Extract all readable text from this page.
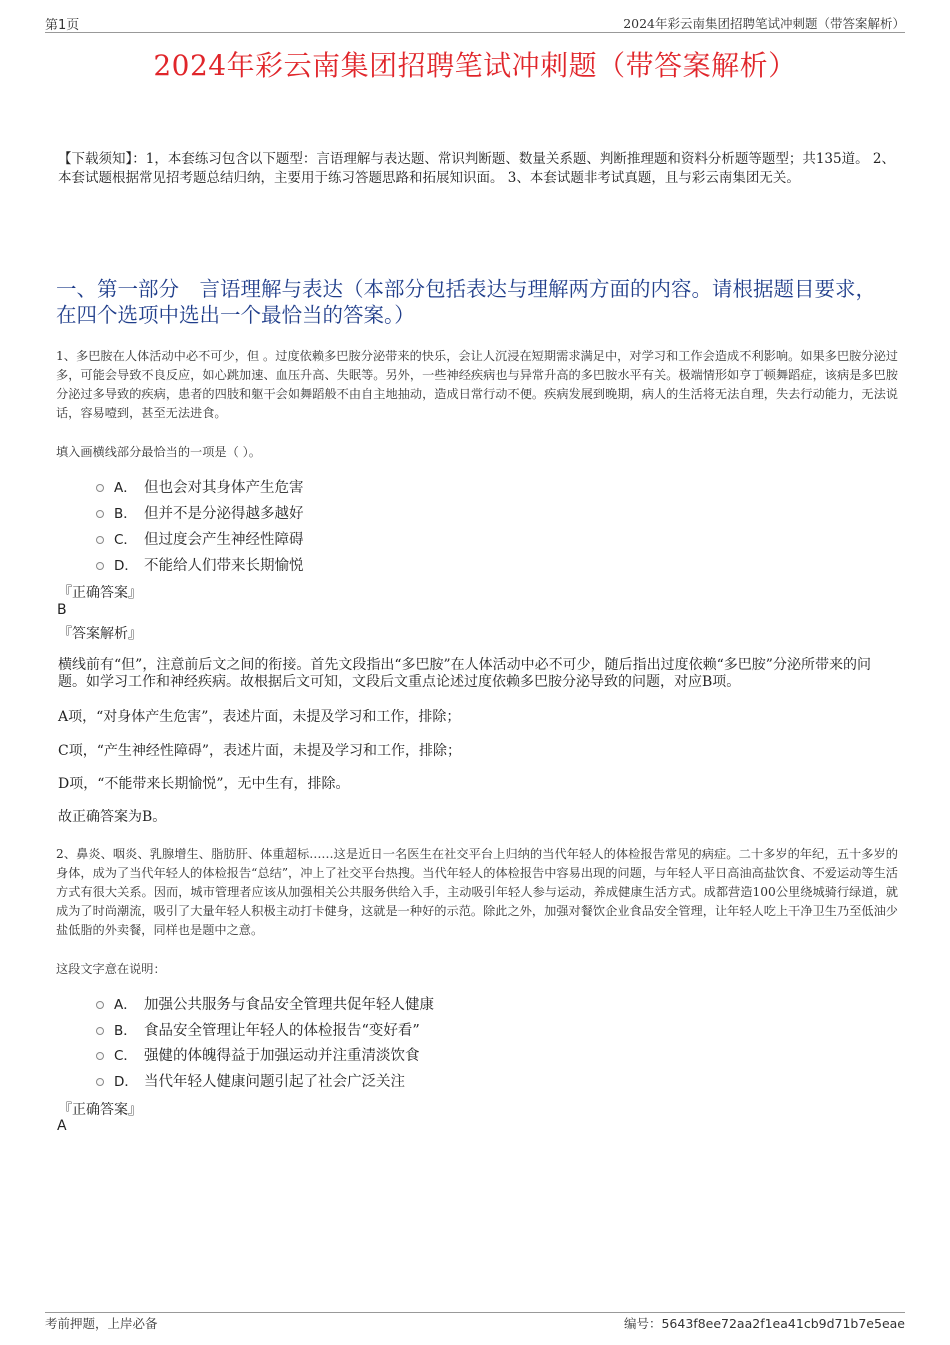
第1页	2024年彩云南集团招聘笔试冲刺题（带答案解析）
2024年彩云南集团招聘笔试冲刺题（带答案解析）
【下载须知】：1，本套练习包含以下题型：言语理解与表达题、常识判断题、数量关系题、判断推理题和资料分析题等题型；共135道。 2、本套试题根据常见招考题总结归纳，主要用于练习答题思路和拓展知识面。 3、本套试题非考试真题，且与彩云南集团无关。
一、第一部分　言语理解与表达（本部分包括表达与理解两方面的内容。请根据题目要求，在四个选项中选出一个最恰当的答案。）
1、多巴胺在人体活动中必不可少，但 。过度依赖多巴胺分泌带来的快乐，会让人沉浸在短期需求满足中，对学习和工作会造成不利影响。如果多巴胺分泌过多，可能会导致不良反应，如心跳加速、血压升高、失眠等。另外，一些神经疾病也与异常升高的多巴胺水平有关。极端情形如亨丁顿舞蹈症，该病是多巴胺分泌过多导致的疾病，患者的四肢和躯干会如舞蹈般不由自主地抽动，造成日常行动不便。疾病发展到晚期，病人的生活将无法自理，失去行动能力，无法说话，容易噎到，甚至无法进食。
填入画横线部分最恰当的一项是（ ）。
A． 但也会对其身体产生危害
B． 但并不是分泌得越多越好
C． 但过度会产生神经性障碍
D． 不能给人们带来长期愉悦
『正确答案』
B
『答案解析』
横线前有“但”，注意前后文之间的衔接。首先文段指出“多巴胺”在人体活动中必不可少，随后指出过度依赖“多巴胺”分泌所带来的问题。如学习工作和神经疾病。故根据后文可知，文段后文重点论述过度依赖多巴胺分泌导致的问题，对应B项。
A项，“对身体产生危害”，表述片面，未提及学习和工作，排除；
C项，“产生神经性障碍”，表述片面，未提及学习和工作，排除；
D项，“不能带来长期愉悦”，无中生有，排除。
故正确答案为B。
2、鼻炎、咽炎、乳腺增生、脂肪肝、体重超标……这是近日一名医生在社交平台上归纳的当代年轻人的体检报告常见的病症。二十多岁的年纪，五十多岁的身体，成为了当代年轻人的体检报告“总结”，冲上了社交平台热搜。当代年轻人的体检报告中容易出现的问题，与年轻人平日高油高盐饮食、不爱运动等生活方式有很大关系。因而，城市管理者应该从加强相关公共服务供给入手，主动吸引年轻人参与运动，养成健康生活方式。成都营造100公里绕城骑行绿道，就成为了时尚潮流，吸引了大量年轻人积极主动打卡健身，这就是一种好的示范。除此之外，加强对餐饮企业食品安全管理，让年轻人吃上干净卫生乃至低油少盐低脂的外卖餐，同样也是题中之意。
这段文字意在说明：
A． 加强公共服务与食品安全管理共促年轻人健康
B． 食品安全管理让年轻人的体检报告“变好看”
C． 强健的体魄得益于加强运动并注重清淡饮食
D． 当代年轻人健康问题引起了社会广泛关注
『正确答案』
A
考前押题，上岸必备	编号：5643f8ee72aa2f1ea41cb9d71b7e5eae
